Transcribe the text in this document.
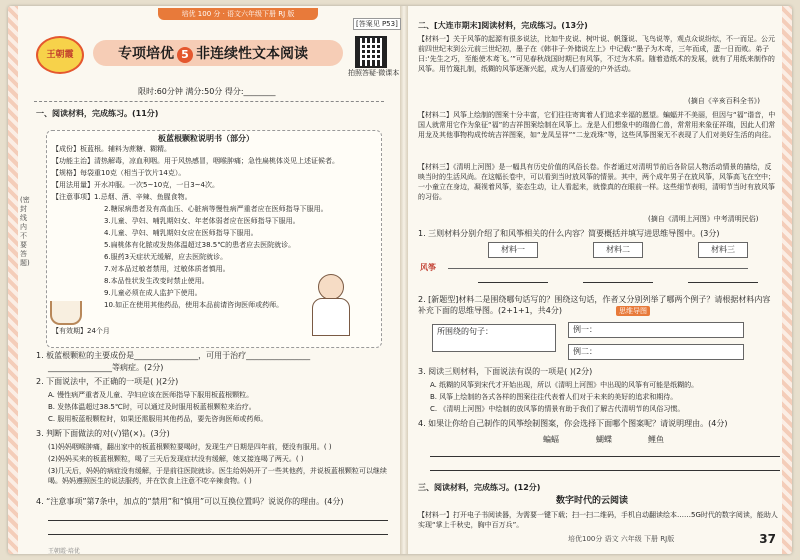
培优 100 分 · 语文六年级下册 RJ 版
[答案见 P53]
王朝霞	专项培优 5 非连续性文本阅读
拍照答疑·微课本
限时:60分钟 满分:50分 得分:________
(密封线内不要答题)
一、阅读材料，完成练习。(11分)
板蓝根颗粒说明书（部分）
【成份】板蓝根。辅料为蔗糖、糊精。
【功能主治】清热解毒，凉血利咽。用于风热感冒，咽喉肿痛；急性扁桃体炎见上述证候者。
【规格】每袋重10克（相当于饮片14克）。
【用法用量】开水冲服。一次5~10克，一日3~4次。
【注意事项】1.忌烟、酒、辛辣、鱼腥食物。
2.糖尿病患者及有高血压、心脏病等慢性病严重者应在医师指导下服用。
3.儿童、孕妇、哺乳期妇女、年老体弱者应在医师指导下服用。
4.儿童、孕妇、哺乳期妇女应在医师指导下服用。
5.扁桃体有化脓或发热体温超过38.5℃的患者应去医院就诊。
6.服药3天症状无缓解，应去医院就诊。
7.对本品过敏者禁用，过敏体质者慎用。
8.本品性状发生改变时禁止使用。
9.儿童必须在成人监护下使用。
10.如正在使用其他药品，使用本品前请咨询医师或药师。
【有效期】24个月
1. 板蓝根颗粒的主要成份是________________，可用于治疗________________
________________等病症。(2分)
2. 下面说法中，不正确的一项是( )(2分)
A. 慢性病严重者及儿童、孕妇应该在医师指导下服用板蓝根颗粒。
B. 发热体温超过38.5℃时，可以通过及时服用板蓝根颗粒来治疗。
C. 服用板蓝根颗粒时，如果还需服用其他药品，要先咨询医师或药师。
3. 判断下面做法的对(√)错(×)。(3分)
(1)妈妈咽喉肿痛，翻出家中的板蓝根颗粒要喝时，发现生产日期是四年前，便没有服用。( )
(2)妈妈买来的板蓝根颗粒，喝了三天后发现症状没有缓解，她又接连喝了两天。( )
(3)几天后，妈妈的病症没有缓解，于是前往医院就诊。医生给妈妈开了一些其他药，并说板蓝根颗粒可以继续喝。妈妈遵照医生的说法服药，并在饮食上注意不吃辛辣食物。( )
4. “注意事项”第7条中，加点的“禁用”和“慎用”可以互换位置吗？说说你的理由。(4分)
王朝霞·培优
二、[大连市期末]阅读材料，完成练习。(13分)
【材料一】关于风筝的起源有很多说法，比如牛皮说、树叶说、帆篷说、飞鸟说等，观点众说纷纭，不一而足。公元前四世纪末到公元前三世纪初，墨子在《韩非子·外储说左上》中记载:“墨子为木鸢，三年而成，蜚一日而败。弟子曰:‘先生之巧，至能使木鸢飞。’”可见春秋战国时期已有风筝，不过为木质。随着造纸术的发展，就有了用纸来制作的风筝。用竹篾扎制，纸糊的风筝逐渐兴起，成为人们喜爱的户外活动。
(摘自《辛亥百科全书》)
【材料二】风筝上绘制的图案十分丰富，它们往往寄寓着人们追求幸福的愿望。蝙蝠并不美丽，但因与“福”谐音，中国人就常用它作为象征“福”的吉祥图案绘制在风筝上。龙是人们想象中的瑞兽仁兽，常常用来象征祥瑞，因此人们常用龙及其他事物构成传统吉祥图案，如“龙凤呈祥”“二龙戏珠”等，这些风筝图案无不表现了人们对美好生活的向往。
【材料三】《清明上河图》是一幅具有历史价值的风俗长卷。作者通过对清明节前后各阶层人物活动情景的描绘，反映当时的生活风尚。在这幅长卷中，可以看到当时放风筝的情景。其中，两个成年男子在放风筝，风筝高飞在空中；一小童立在身边，凝视着风筝，姿态生动，让人看起来，就像真的在眼前一样。这些细节表明，清明节当时有放风筝的习俗。
(摘自《清明上河图》中考清明民俗)
1. 三则材料分别介绍了和风筝相关的什么内容？简要概括并填写进思维导图中。(3分)
材料一	材料二	材料三
风筝
2. [新题型]材料二是围绕哪句话写的？围绕这句话，作者又分别列举了哪两个例子？请根据材料内容补充下面的思维导图。(2+1+1，共4分)	思维导图
所围绕的句子：	例一：
例二：
3. 阅读三则材料，下面说法有误的一项是( )(2分)
A. 纸糊的风筝到宋代才开始出现，所以《清明上河图》中出现的风筝有可能是纸糊的。
B. 风筝上绘制的各式各样的图案往往代表着人们对于未来的美好的追求和期待。
C. 《清明上河图》中绘制的放风筝的情景有助于我们了解古代清明节的风俗习惯。
4. 如果让你给自己制作的风筝绘制图案，你会选择下面哪个图案呢？请说明理由。(4分)
蝙蝠	蝴蝶	鲤鱼
三、阅读材料，完成练习。(12分)
数字时代的云阅读
【材料一】打开电子书阅读器，为需要一键下载；扫一扫二维码，手机自动翻读绘本……5G时代的数字阅读，能助人实现“掌上千秋史，胸中百万兵”。
培优100分 语文 六年级 下册 RJ版	37
